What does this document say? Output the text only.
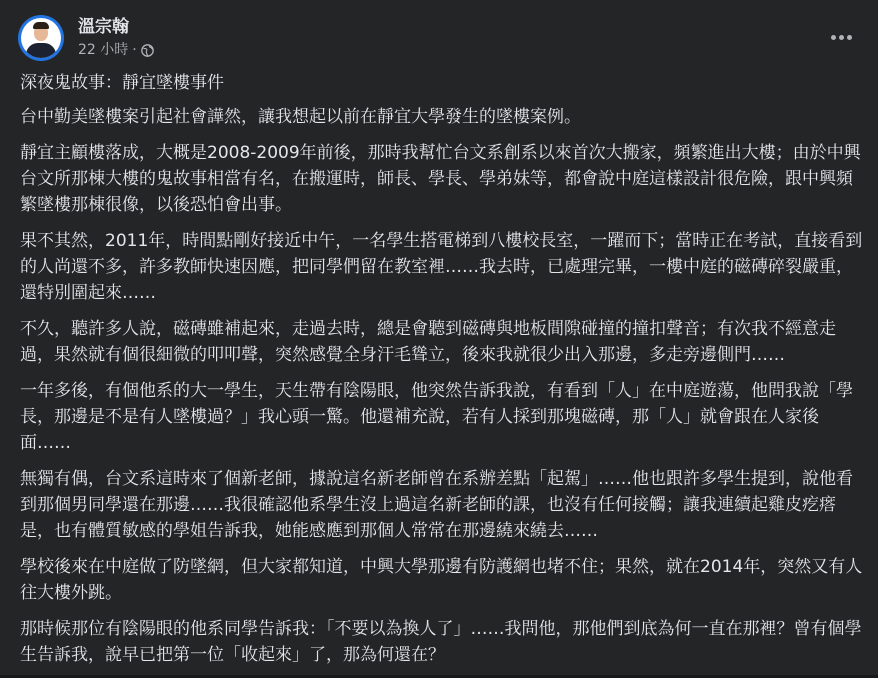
溫宗翰
22 小時 ·

深夜鬼故事：靜宜墜樓事件

台中勤美墜樓案引起社會譁然，讓我想起以前在靜宜大學發生的墜樓案例。

靜宜主顧樓落成，大概是2008-2009年前後，那時我幫忙台文系創系以來首次大搬家，頻繁進出大樓；由於中興台文所那棟大樓的鬼故事相當有名，在搬運時，師長、學長、學弟妹等，都會說中庭這樣設計很危險，跟中興頻繁墜樓那棟很像，以後恐怕會出事。

果不其然，2011年，時間點剛好接近中午，一名學生搭電梯到八樓校長室，一躍而下；當時正在考試，直接看到的人尚還不多，許多教師快速因應，把同學們留在教室裡……我去時，已處理完畢，一樓中庭的磁磚碎裂嚴重，還特別圍起來……

不久，聽許多人說，磁磚雖補起來，走過去時，總是會聽到磁磚與地板間隙碰撞的撞扣聲音；有次我不經意走過，果然就有個很細微的叩叩聲，突然感覺全身汗毛聳立，後來我就很少出入那邊，多走旁邊側門……

一年多後，有個他系的大一學生，天生帶有陰陽眼，他突然告訴我說，有看到「人」在中庭遊蕩，他問我說「學長，那邊是不是有人墜樓過？」我心頭一驚。他還補充說，若有人採到那塊磁磚，那「人」就會跟在人家後面……

無獨有偶，台文系這時來了個新老師，據說這名新老師曾在系辦差點「起駕」……他也跟許多學生提到，說他看到那個男同學還在那邊……我很確認他系學生沒上過這名新老師的課，也沒有任何接觸；讓我連續起雞皮疙瘩是，也有體質敏感的學姐告訴我，她能感應到那個人常常在那邊繞來繞去……

學校後來在中庭做了防墜網，但大家都知道，中興大學那邊有防護網也堵不住；果然，就在2014年，突然又有人往大樓外跳。

那時候那位有陰陽眼的他系同學告訴我：「不要以為換人了」……我問他，那他們到底為何一直在那裡？曾有個學生告訴我，說早已把第一位「收起來」了，那為何還在？
